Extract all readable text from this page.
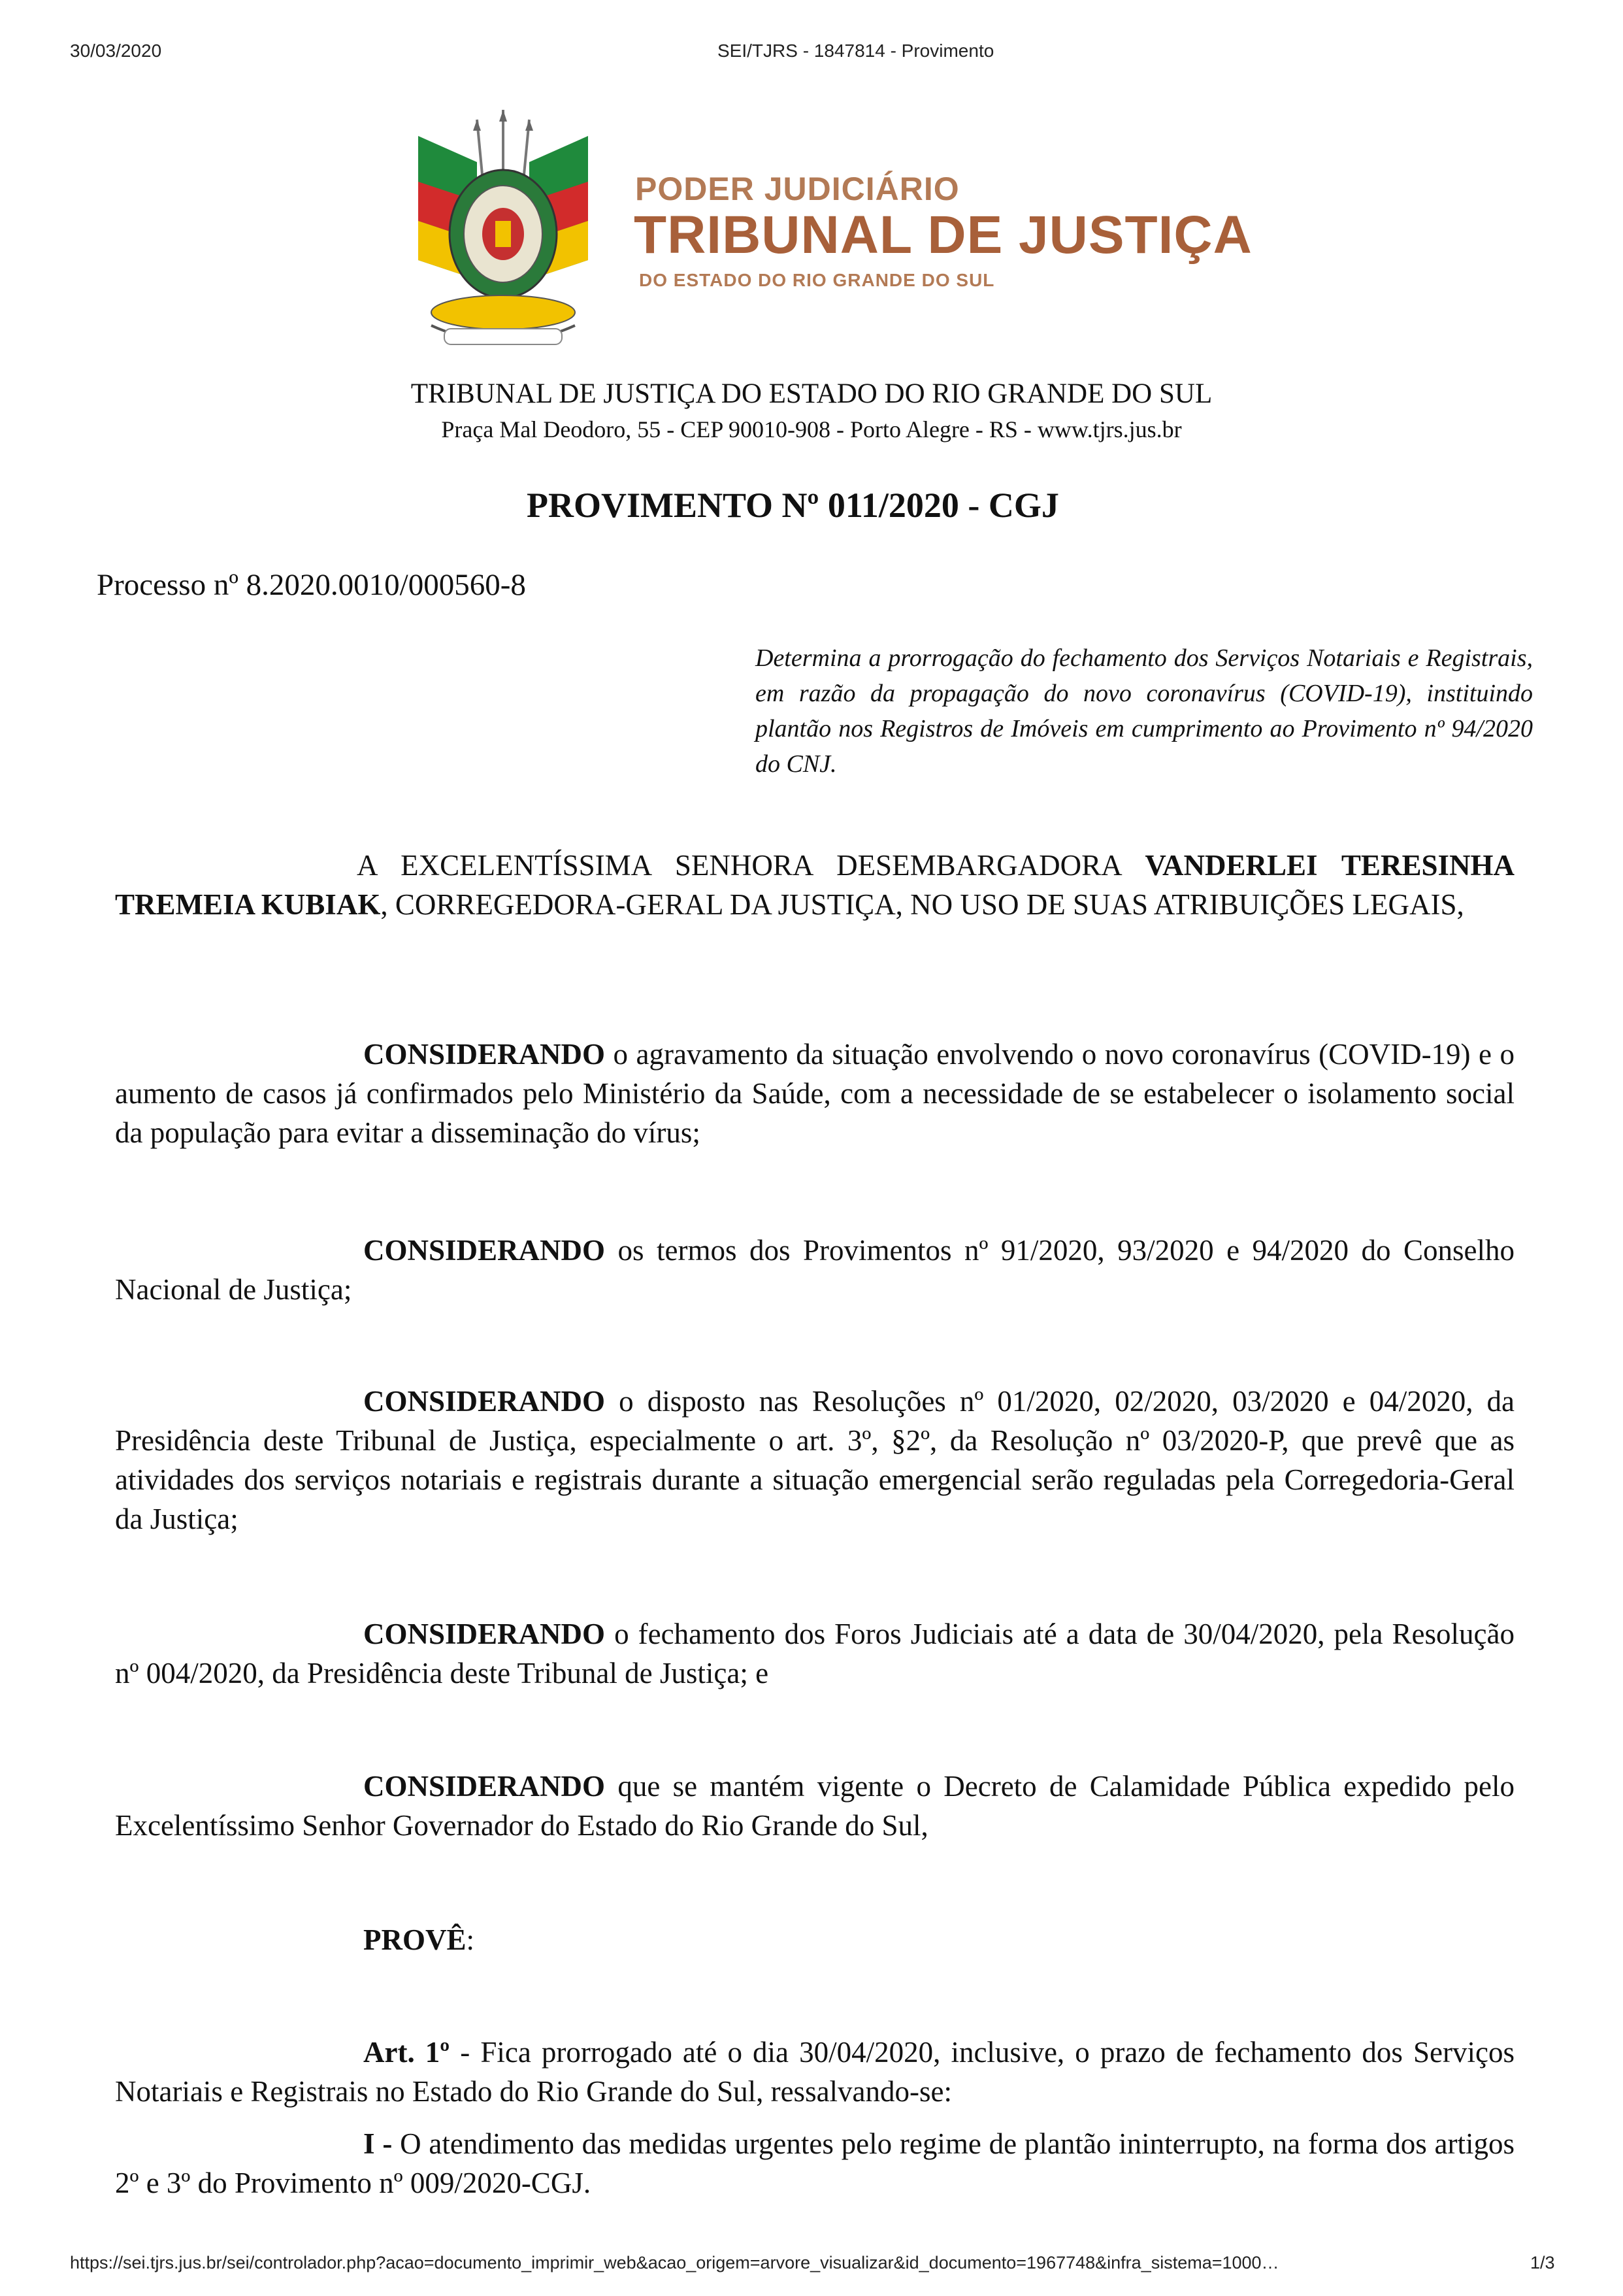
30/03/2020	SEI/TJRS - 1847814 - Provimento
PODER JUDICIÁRIO
TRIBUNAL DE JUSTIÇA
DO ESTADO DO RIO GRANDE DO SUL
TRIBUNAL DE JUSTIÇA DO ESTADO DO RIO GRANDE DO SUL
Praça Mal Deodoro, 55 - CEP 90010-908 - Porto Alegre - RS - www.tjrs.jus.br
PROVIMENTO Nº 011/2020 - CGJ
Processo nº 8.2020.0010/000560-8
Determina a prorrogação do fechamento dos Serviços Notariais e Registrais, em razão da propagação do novo coronavírus (COVID-19), instituindo plantão nos Registros de Imóveis em cumprimento ao Provimento nº 94/2020 do CNJ.

A EXCELENTÍSSIMA SENHORA DESEMBARGADORA VANDERLEI TERESINHA TREMEIA KUBIAK, CORREGEDORA-GERAL DA JUSTIÇA, NO USO DE SUAS ATRIBUIÇÕES LEGAIS,

CONSIDERANDO o agravamento da situação envolvendo o novo coronavírus (COVID-19) e o aumento de casos já confirmados pelo Ministério da Saúde, com a necessidade de se estabelecer o isolamento social da população para evitar a disseminação do vírus;

CONSIDERANDO os termos dos Provimentos nº 91/2020, 93/2020 e 94/2020 do Conselho Nacional de Justiça;

CONSIDERANDO o disposto nas Resoluções nº 01/2020, 02/2020, 03/2020 e 04/2020, da Presidência deste Tribunal de Justiça, especialmente o art. 3º, §2º, da Resolução nº 03/2020-P, que prevê que as atividades dos serviços notariais e registrais durante a situação emergencial serão reguladas pela Corregedoria-Geral da Justiça;

CONSIDERANDO o fechamento dos Foros Judiciais até a data de 30/04/2020, pela Resolução nº 004/2020, da Presidência deste Tribunal de Justiça; e

CONSIDERANDO que se mantém vigente o Decreto de Calamidade Pública expedido pelo Excelentíssimo Senhor Governador do Estado do Rio Grande do Sul,

PROVÊ:

Art. 1º - Fica prorrogado até o dia 30/04/2020, inclusive, o prazo de fechamento dos Serviços Notariais e Registrais no Estado do Rio Grande do Sul, ressalvando-se:

I - O atendimento das medidas urgentes pelo regime de plantão ininterrupto, na forma dos artigos 2º e 3º do Provimento nº 009/2020-CGJ.

https://sei.tjrs.jus.br/sei/controlador.php?acao=documento_imprimir_web&acao_origem=arvore_visualizar&id_documento=1967748&infra_sistema=1000…	1/3
